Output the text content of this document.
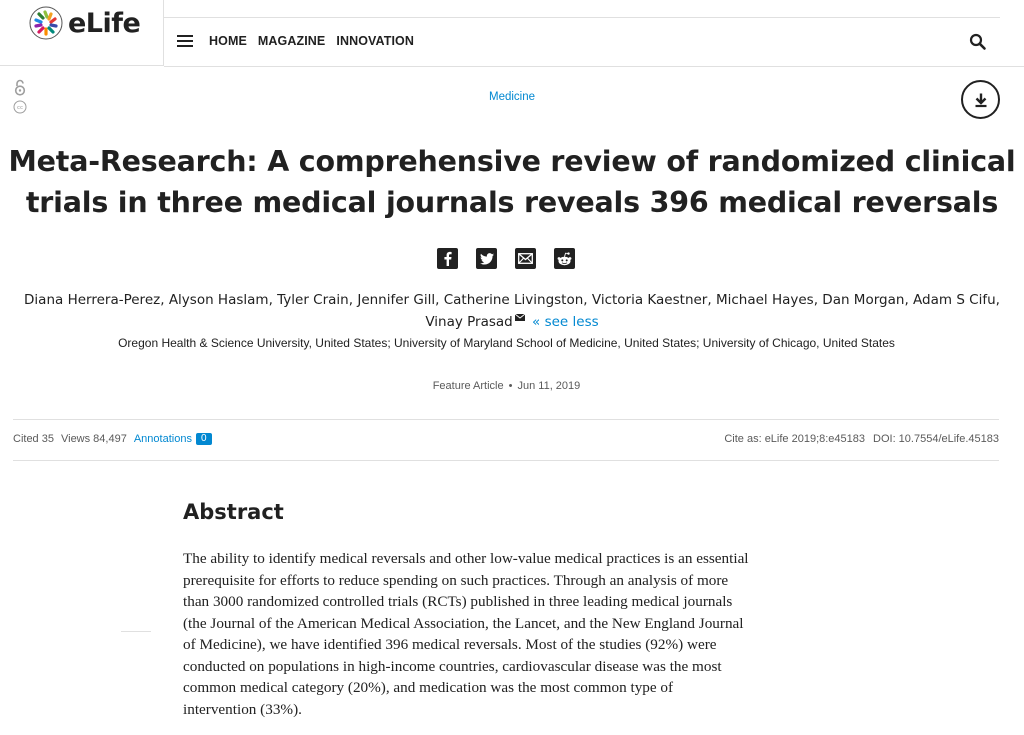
eLife
HOME MAGAZINE INNOVATION
cc
Medicine
Meta-Research: A comprehensive review of randomized clinical trials in three medical journals reveals 396 medical reversals
Diana Herrera-Perez, Alyson Haslam, Tyler Crain, Jennifer Gill, Catherine Livingston, Victoria Kaestner, Michael Hayes, Dan Morgan, Adam S Cifu,
Vinay Prasad « see less
Oregon Health & Science University, United States; University of Maryland School of Medicine, United States; University of Chicago, United States
Feature Article • Jun 11, 2019
Cited 35 Views 84,497 Annotations 0	Cite as: eLife 2019;8:e45183 DOI: 10.7554/eLife.45183
Abstract

The ability to identify medical reversals and other low-value medical practices is an essential prerequisite for efforts to reduce spending on such practices. Through an analysis of more than 3000 randomized controlled trials (RCTs) published in three leading medical journals (the Journal of the American Medical Association, the Lancet, and the New England Journal of Medicine), we have identified 396 medical reversals. Most of the studies (92%) were conducted on populations in high-income countries, cardiovascular disease was the most common medical category (20%), and medication was the most common type of intervention (33%).
